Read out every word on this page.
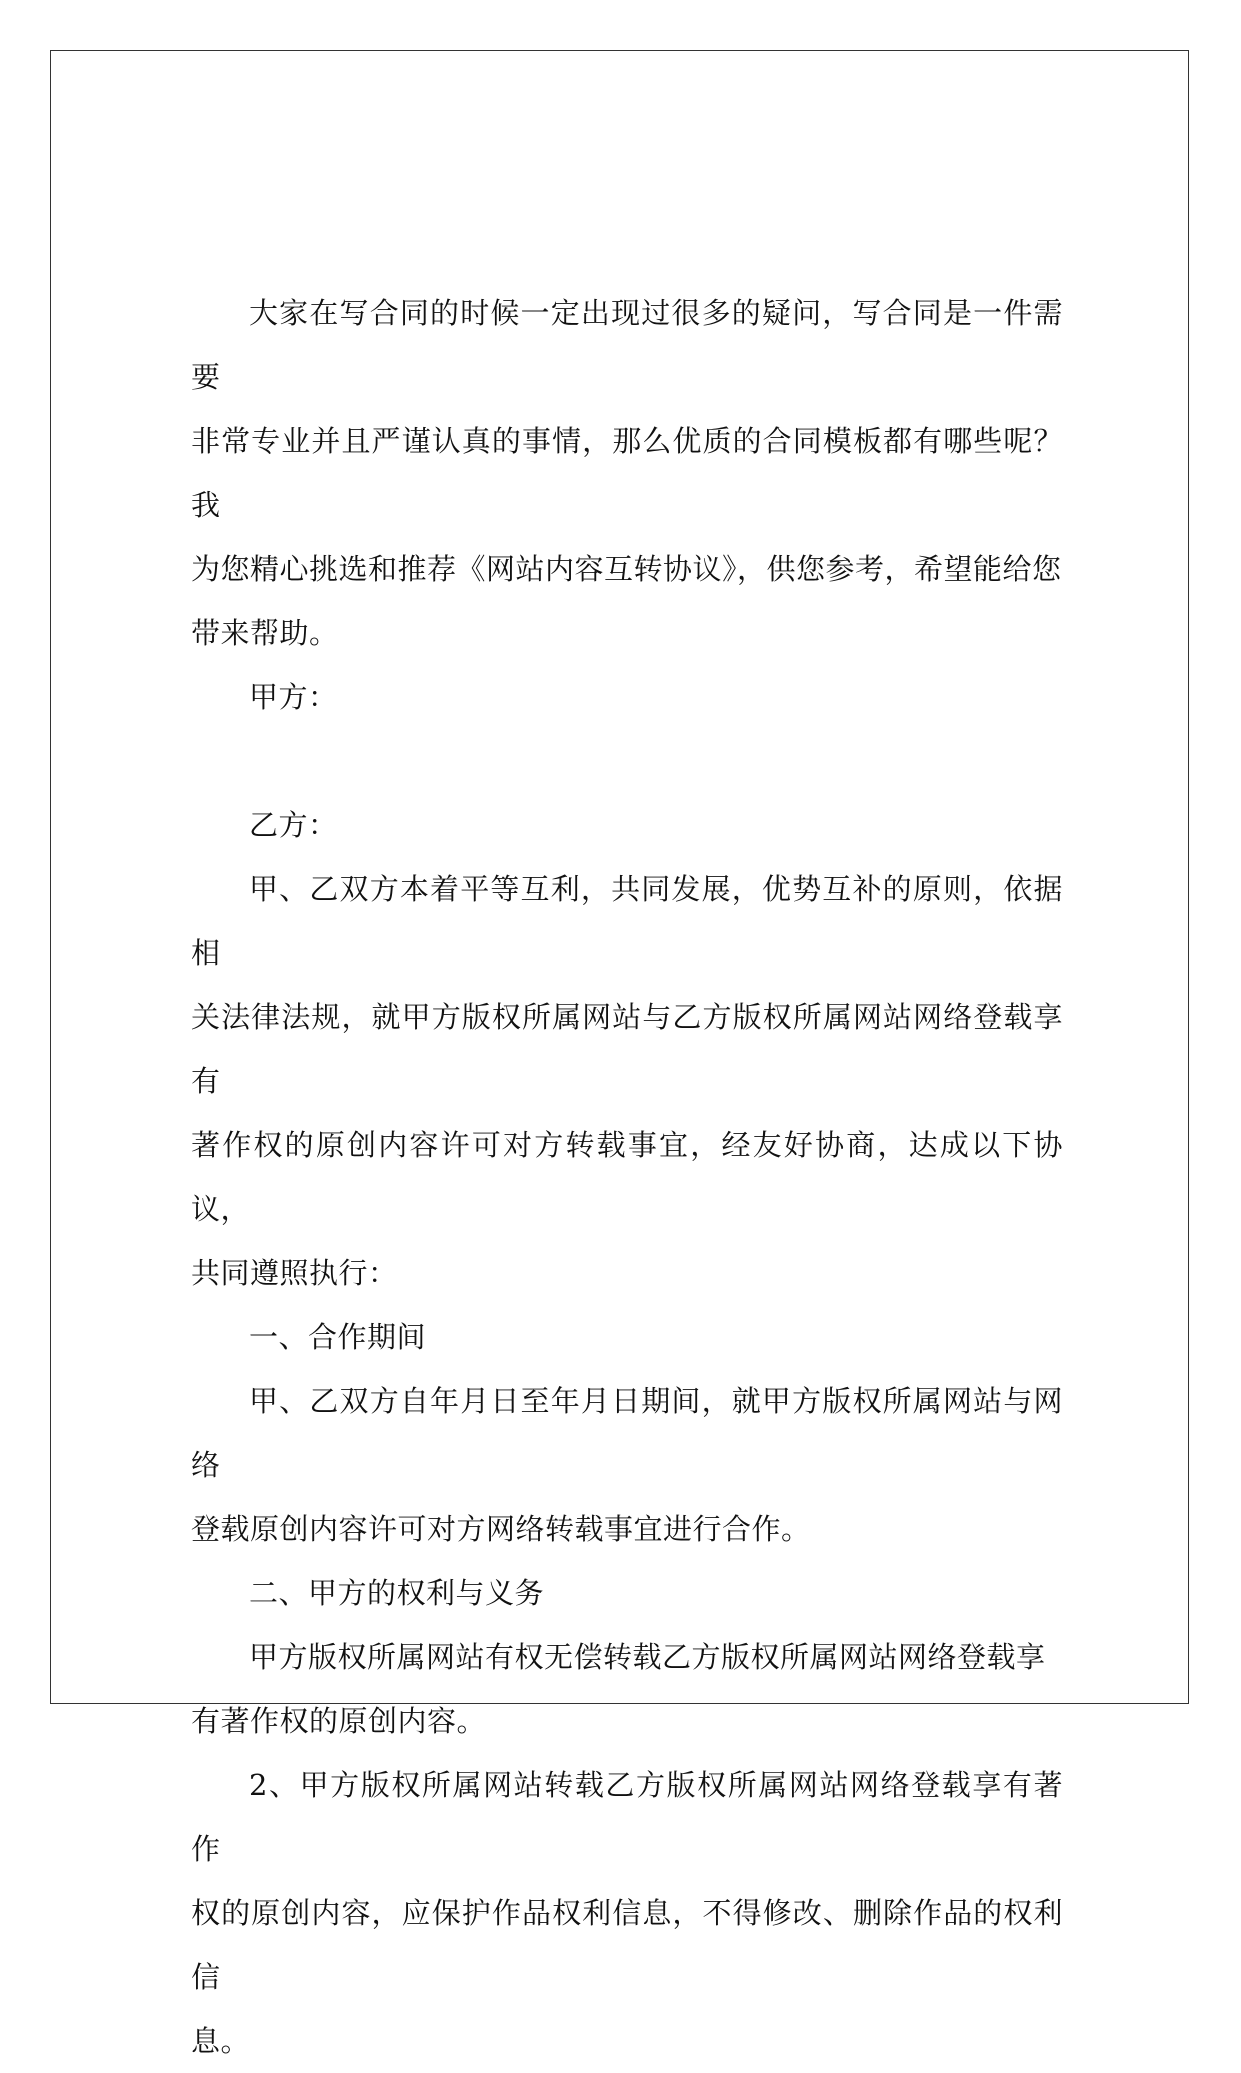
大家在写合同的时候一定出现过很多的疑问，写合同是一件需要
非常专业并且严谨认真的事情，那么优质的合同模板都有哪些呢？我
为您精心挑选和推荐《网站内容互转协议》，供您参考，希望能给您
带来帮助。

甲方：

乙方：

甲、乙双方本着平等互利，共同发展，优势互补的原则，依据相
关法律法规，就甲方版权所属网站与乙方版权所属网站网络登载享有
著作权的原创内容许可对方转载事宜，经友好协商，达成以下协议，
共同遵照执行：

一、合作期间

甲、乙双方自年月日至年月日期间，就甲方版权所属网站与网络
登载原创内容许可对方网络转载事宜进行合作。

二、甲方的权利与义务

甲方版权所属网站有权无偿转载乙方版权所属网站网络登载享
有著作权的原创内容。

2、甲方版权所属网站转载乙方版权所属网站网络登载享有著作
权的原创内容，应保护作品权利信息，不得修改、删除作品的权利信
息。
